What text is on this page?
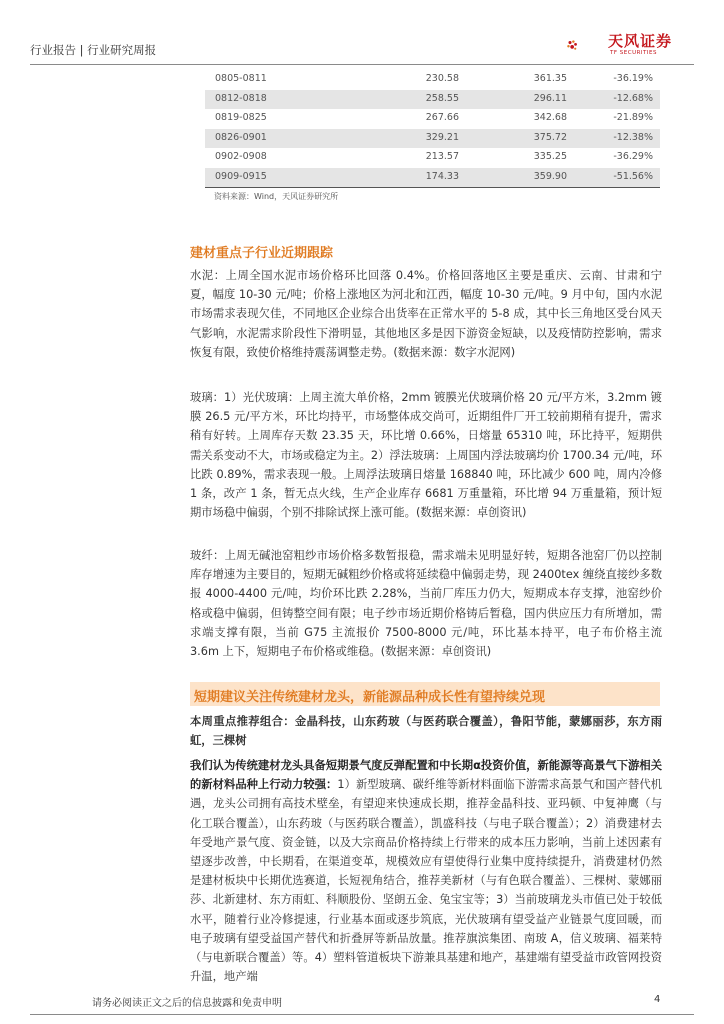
行业报告 | 行业研究周报	天风证券
TF SECURITIES
0805-0811	230.58	361.35	-36.19%
0812-0818	258.55	296.11	-12.68%
0819-0825	267.66	342.68	-21.89%
0826-0901	329.21	375.72	-12.38%
0902-0908	213.57	335.25	-36.29%
0909-0915	174.33	359.90	-51.56%
资料来源：Wind，天风证券研究所
建材重点子行业近期跟踪
水泥：上周全国水泥市场价格环比回落 0.4%。价格回落地区主要是重庆、云南、甘肃和宁夏，幅度 10-30 元/吨；价格上涨地区为河北和江西，幅度 10-30 元/吨。9 月中旬，国内水泥市场需求表现欠佳，不同地区企业综合出货率在正常水平的 5-8 成，其中长三角地区受台风天气影响，水泥需求阶段性下滑明显，其他地区多是因下游资金短缺，以及疫情防控影响，需求恢复有限，致使价格维持震荡调整走势。(数据来源：数字水泥网)
玻璃：1）光伏玻璃：上周主流大单价格，2mm 镀膜光伏玻璃价格 20 元/平方米，3.2mm 镀膜 26.5 元/平方米，环比均持平，市场整体成交尚可，近期组件厂开工较前期稍有提升，需求稍有好转。上周库存天数 23.35 天，环比增 0.66%，日熔量 65310 吨，环比持平，短期供需关系变动不大，市场或稳定为主。2）浮法玻璃：上周国内浮法玻璃均价 1700.34 元/吨，环比跌 0.89%，需求表现一般。上周浮法玻璃日熔量 168840 吨，环比减少 600 吨，周内冷修 1 条，改产 1 条，暂无点火线，生产企业库存 6681 万重量箱，环比增 94 万重量箱，预计短期市场稳中偏弱，个别不排除试探上涨可能。(数据来源：卓创资讯)
玻纤：上周无碱池窑粗纱市场价格多数暂报稳，需求端未见明显好转，短期各池窑厂仍以控制库存增速为主要目的，短期无碱粗纱价格或将延续稳中偏弱走势，现 2400tex 缠绕直接纱多数报 4000-4400 元/吨，均价环比跌 2.28%，当前厂库压力仍大，短期成本存支撑，池窑纱价格或稳中偏弱，但铸整空间有限；电子纱市场近期价格铸后暂稳，国内供应压力有所增加，需求端支撑有限，当前 G75 主流报价 7500-8000 元/吨，环比基本持平，电子布价格主流 3.6m 上下，短期电子布价格或维稳。(数据来源：卓创资讯)
短期建议关注传统建材龙头，新能源品种成长性有望持续兑现
本周重点推荐组合：金晶科技，山东药玻（与医药联合覆盖），鲁阳节能，蒙娜丽莎，东方雨虹，三棵树
我们认为传统建材龙头具备短期景气度反弹配置和中长期α投资价值，新能源等高景气下游相关的新材料品种上行动力较强：1）新型玻璃、碳纤维等新材料面临下游需求高景气和国产替代机遇，龙头公司拥有高技术壁垒，有望迎来快速成长期，推荐金晶科技、亚玛顿、中复神鹰（与化工联合覆盖），山东药玻（与医药联合覆盖），凯盛科技（与电子联合覆盖）；2）消费建材去年受地产景气度、资金链，以及大宗商品价格持续上行带来的成本压力影响，当前上述因素有望逐步改善，中长期看，在渠道变革，规模效应有望使得行业集中度持续提升，消费建材仍然是建材板块中长期优选赛道，长短视角结合，推荐美新材（与有色联合覆盖）、三棵树、蒙娜丽莎、北新建材、东方雨虹、科顺股份、坚朗五金、兔宝宝等；3）当前玻璃龙头市值已处于较低水平，随着行业冷修提速，行业基本面或逐步筑底，光伏玻璃有望受益产业链景气度回暖，而电子玻璃有望受益国产替代和折叠屏等新品放量。推荐旗滨集团、南玻 A，信义玻璃、福莱特（与电新联合覆盖）等。4）塑料管道板块下游兼具基建和地产，基建端有望受益市政管网投资升温，地产端
请务必阅读正文之后的信息披露和免责申明	4
